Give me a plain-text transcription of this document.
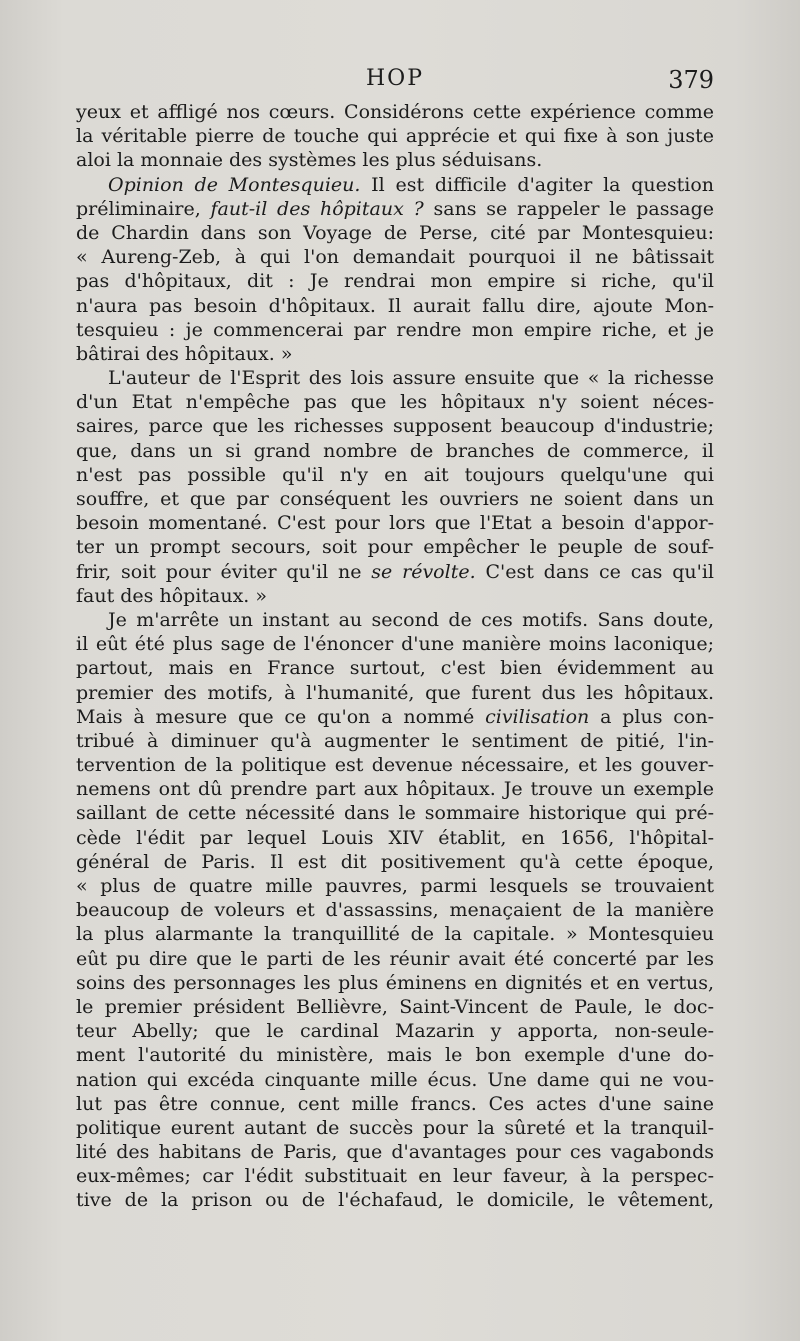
HOP	379
yeux et affligé nos cœurs. Considérons cette expérience comme
la véritable pierre de touche qui apprécie et qui fixe à son juste
aloi la monnaie des systèmes les plus séduisans.
Opinion de Montesquieu. Il est difficile d'agiter la question
préliminaire, faut-il des hôpitaux ? sans se rappeler le passage
de Chardin dans son Voyage de Perse, cité par Montesquieu:
« Aureng-Zeb, à qui l'on demandait pourquoi il ne bâtissait
pas d'hôpitaux, dit : Je rendrai mon empire si riche, qu'il
n'aura pas besoin d'hôpitaux. Il aurait fallu dire, ajoute Mon-
tesquieu : je commencerai par rendre mon empire riche, et je
bâtirai des hôpitaux. »
L'auteur de l'Esprit des lois assure ensuite que « la richesse
d'un Etat n'empêche pas que les hôpitaux n'y soient néces-
saires, parce que les richesses supposent beaucoup d'industrie;
que, dans un si grand nombre de branches de commerce, il
n'est pas possible qu'il n'y en ait toujours quelqu'une qui
souffre, et que par conséquent les ouvriers ne soient dans un
besoin momentané. C'est pour lors que l'Etat a besoin d'appor-
ter un prompt secours, soit pour empêcher le peuple de souf-
frir, soit pour éviter qu'il ne se révolte. C'est dans ce cas qu'il
faut des hôpitaux. »
Je m'arrête un instant au second de ces motifs. Sans doute,
il eût été plus sage de l'énoncer d'une manière moins laconique;
partout, mais en France surtout, c'est bien évidemment au
premier des motifs, à l'humanité, que furent dus les hôpitaux.
Mais à mesure que ce qu'on a nommé civilisation a plus con-
tribué à diminuer qu'à augmenter le sentiment de pitié, l'in-
tervention de la politique est devenue nécessaire, et les gouver-
nemens ont dû prendre part aux hôpitaux. Je trouve un exemple
saillant de cette nécessité dans le sommaire historique qui pré-
cède l'édit par lequel Louis XIV établit, en 1656, l'hôpital-
général de Paris. Il est dit positivement qu'à cette époque,
« plus de quatre mille pauvres, parmi lesquels se trouvaient
beaucoup de voleurs et d'assassins, menaçaient de la manière
la plus alarmante la tranquillité de la capitale. » Montesquieu
eût pu dire que le parti de les réunir avait été concerté par les
soins des personnages les plus éminens en dignités et en vertus,
le premier président Bellièvre, Saint-Vincent de Paule, le doc-
teur Abelly; que le cardinal Mazarin y apporta, non-seule-
ment l'autorité du ministère, mais le bon exemple d'une do-
nation qui excéda cinquante mille écus. Une dame qui ne vou-
lut pas être connue, cent mille francs. Ces actes d'une saine
politique eurent autant de succès pour la sûreté et la tranquil-
lité des habitans de Paris, que d'avantages pour ces vagabonds
eux-mêmes; car l'édit substituait en leur faveur, à la perspec-
tive de la prison ou de l'échafaud, le domicile, le vêtement,
